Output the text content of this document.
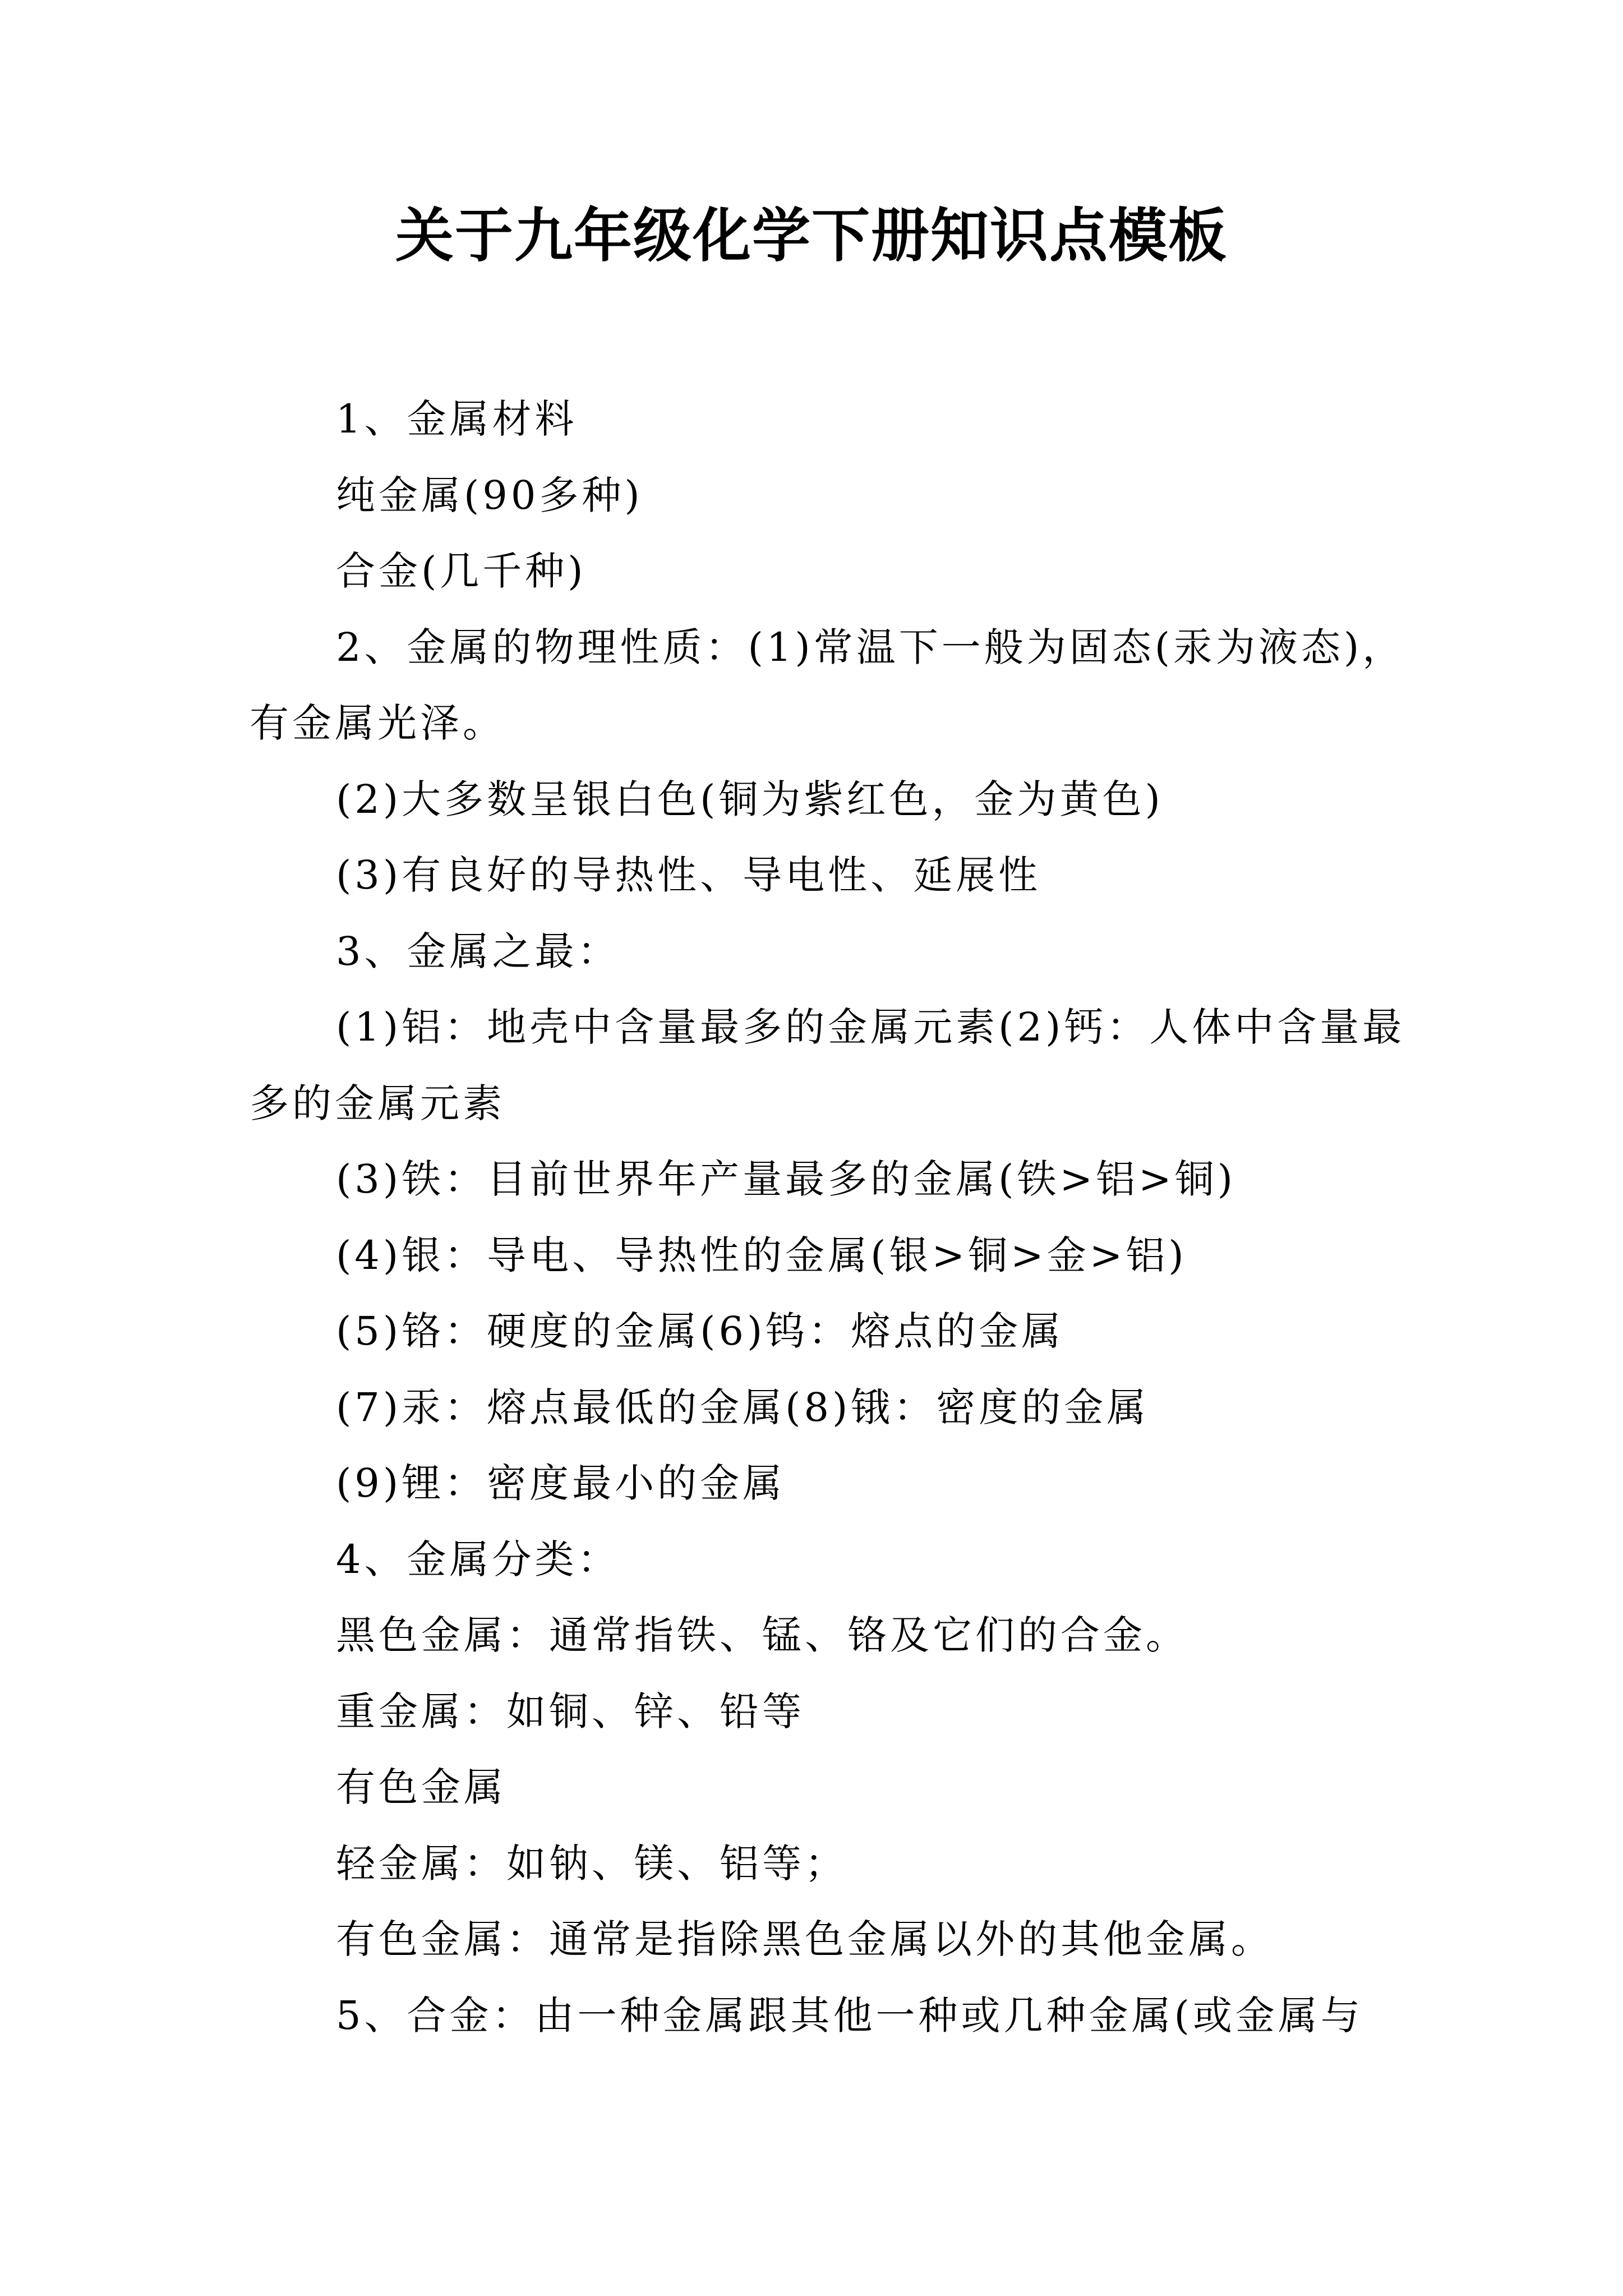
关于九年级化学下册知识点模板

1、金属材料

纯金属(90多种)

合金(几千种)

2、金属的物理性质：(1)常温下一般为固态(汞为液态)，有金属光泽。

(2)大多数呈银白色(铜为紫红色，金为黄色)

(3)有良好的导热性、导电性、延展性

3、金属之最：

(1)铝：地壳中含量最多的金属元素(2)钙：人体中含量最多的金属元素

(3)铁：目前世界年产量最多的金属(铁>铝>铜)

(4)银：导电、导热性的金属(银>铜>金>铝)

(5)铬：硬度的金属(6)钨：熔点的金属

(7)汞：熔点最低的金属(8)锇：密度的金属

(9)锂：密度最小的金属

4、金属分类：

黑色金属：通常指铁、锰、铬及它们的合金。

重金属：如铜、锌、铅等

有色金属

轻金属：如钠、镁、铝等；

有色金属：通常是指除黑色金属以外的其他金属。

5、合金：由一种金属跟其他一种或几种金属(或金属与
